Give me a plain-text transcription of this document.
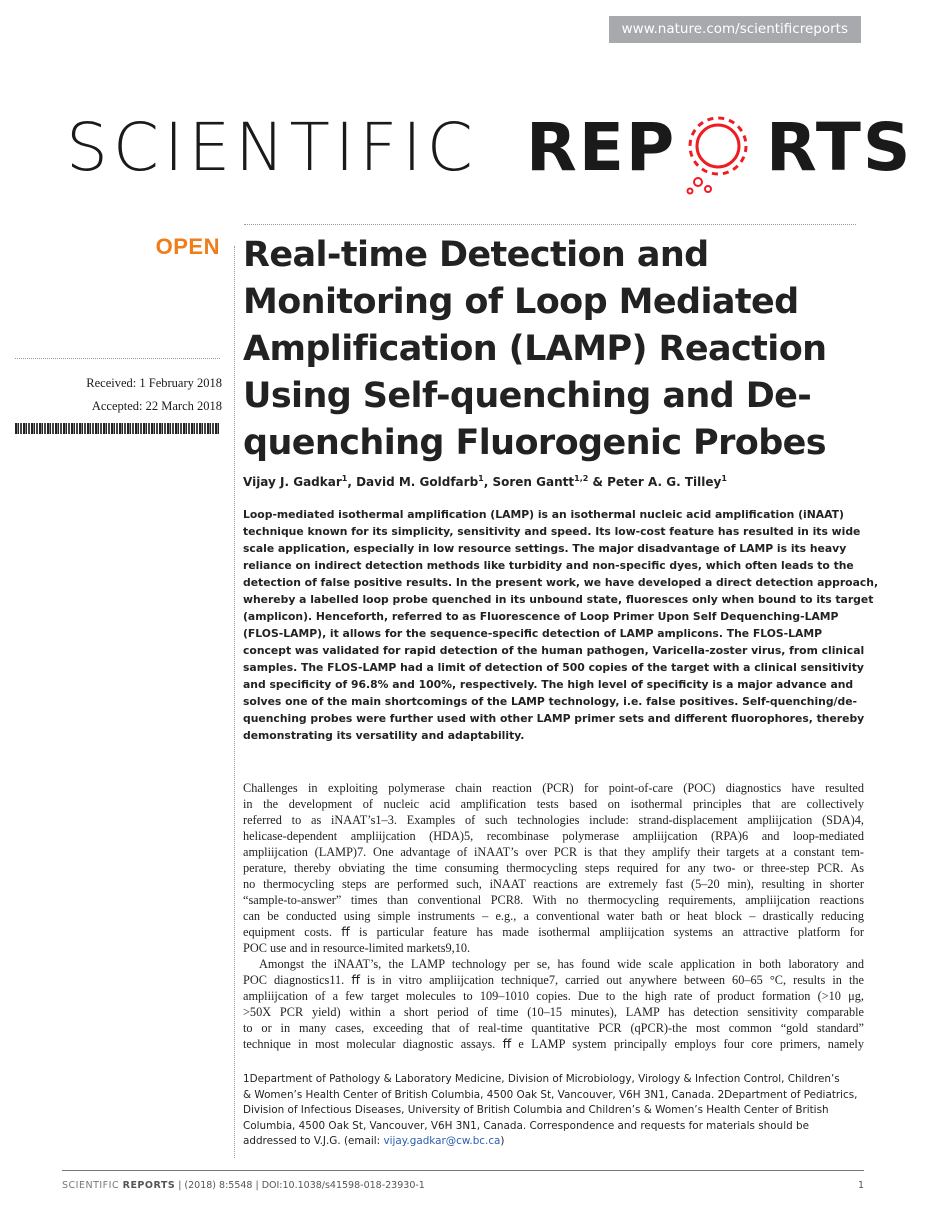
www.nature.com/scientificreports
SCIENTIFIC REP RTS
OPEN
Received: 1 February 2018
Accepted: 22 March 2018
Real-time Detection and
Monitoring of Loop Mediated
Amplification (LAMP) Reaction
Using Self-quenching and De-
quenching Fluorogenic Probes
Vijay J. Gadkar$^1$, David M. Goldfarb$^1$, Soren Gantt$^{1,2}$ & Peter A. G. Tilley$^1$
Loop-mediated isothermal amplification (LAMP) is an isothermal nucleic acid amplification (iNAAT)
technique known for its simplicity, sensitivity and speed. Its low-cost feature has resulted in its wide
scale application, especially in low resource settings. The major disadvantage of LAMP is its heavy
reliance on indirect detection methods like turbidity and non-specific dyes, which often leads to the
detection of false positive results. In the present work, we have developed a direct detection approach,
whereby a labelled loop probe quenched in its unbound state, fluoresces only when bound to its target
(amplicon). Henceforth, referred to as Fluorescence of Loop Primer Upon Self Dequenching-LAMP
(FLOS-LAMP), it allows for the sequence-specific detection of LAMP amplicons. The FLOS-LAMP
concept was validated for rapid detection of the human pathogen, Varicella-zoster virus, from clinical
samples. The FLOS-LAMP had a limit of detection of 500 copies of the target with a clinical sensitivity
and specificity of 96.8% and 100%, respectively. The high level of specificity is a major advance and
solves one of the main shortcomings of the LAMP technology, i.e. false positives. Self-quenching/de-
quenching probes were further used with other LAMP primer sets and different fluorophores, thereby
demonstrating its versatility and adaptability.
Challenges in exploiting polymerase chain reaction (PCR) for point-of-care (POC) diagnostics have resulted
in the development of nucleic acid amplification tests based on isothermal principles that are collectively
referred to as iNAAT’s1–3. Examples of such technologies include: strand-displacement ampliijcation (SDA)4,
helicase-dependent ampliijcation (HDA)5, recombinase polymerase ampliijcation (RPA)6 and loop-mediated
ampliijcation (LAMP)7. One advantage of iNAAT’s over PCR is that they amplify their targets at a constant tem-
perature, thereby obviating the time consuming thermocycling steps required for any two- or three-step PCR. As
no thermocycling steps are performed such, iNAAT reactions are extremely fast (5–20 min), resulting in shorter
“sample-to-answer” times than conventional PCR8. With no thermocycling requirements, ampliijcation reactions
can be conducted using simple instruments – e.g., a conventional water bath or heat block – drastically reducing
equipment costs. ﬀ is particular feature has made isothermal ampliijcation systems an attractive platform for
POC use and in resource-limited markets9,10.
Amongst the iNAAT’s, the LAMP technology per se, has found wide scale application in both laboratory and
POC diagnostics11. ﬀ is in vitro ampliijcation technique7, carried out anywhere between 60–65 °C, results in the
ampliijcation of a few target molecules to 109–1010 copies. Due to the high rate of product formation (>10 μg,
>50X PCR yield) within a short period of time (10–15 minutes), LAMP has detection sensitivity comparable
to or in many cases, exceeding that of real-time quantitative PCR (qPCR)-the most common “gold standard”
technique in most molecular diagnostic assays. ﬀ e LAMP system principally employs four core primers, namely
1Department of Pathology & Laboratory Medicine, Division of Microbiology, Virology & Infection Control, Children’s
& Women’s Health Center of British Columbia, 4500 Oak St, Vancouver, V6H 3N1, Canada. 2Department of Pediatrics,
Division of Infectious Diseases, University of British Columbia and Children’s & Women’s Health Center of British
Columbia, 4500 Oak St, Vancouver, V6H 3N1, Canada. Correspondence and requests for materials should be
addressed to V.J.G. (email: vijay.gadkar@cw.bc.ca)
SCIENTIFIC REPORTS | (2018) 8:5548 | DOI:10.1038/s41598-018-23930-1	1
